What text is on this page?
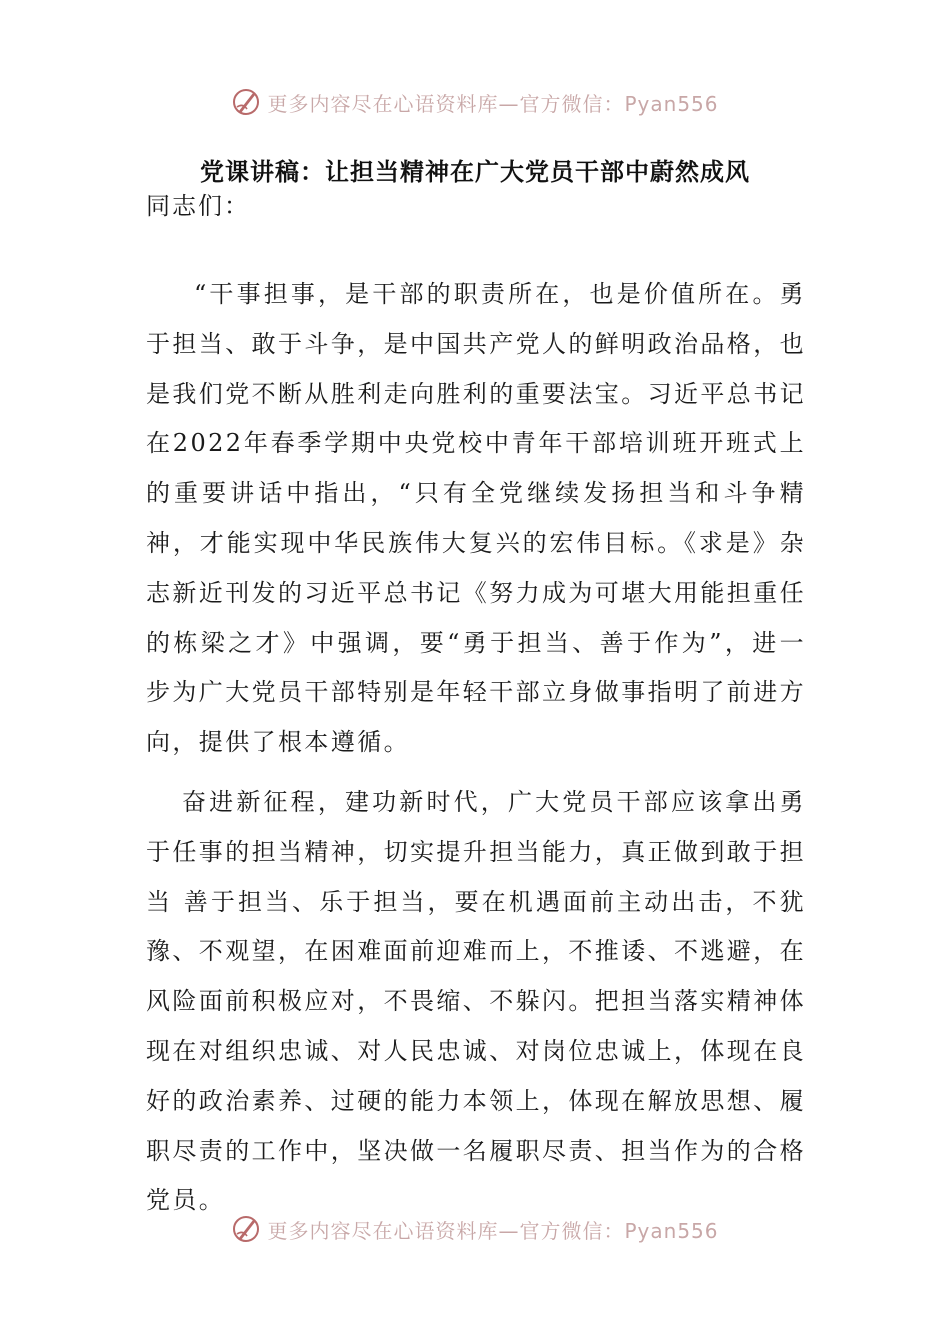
更多内容尽在心语资料库—官方微信：Pyan556
党课讲稿：让担当精神在广大党员干部中蔚然成风
同志们：

“干事担事，是干部的职责所在，也是价值所在。勇于担当、敢于斗争，是中国共产党人的鲜明政治品格，也是我们党不断从胜利走向胜利的重要法宝。习近平总书记在2022年春季学期中央党校中青年干部培训班开班式上的重要讲话中指出，“只有全党继续发扬担当和斗争精神，才能实现中华民族伟大复兴的宏伟目标。《求是》杂志新近刊发的习近平总书记《努力成为可堪大用能担重任的栋梁之才》中强调，要“勇于担当、善于作为”，进一步为广大党员干部特别是年轻干部立身做事指明了前进方向，提供了根本遵循。

奋进新征程，建功新时代，广大党员干部应该拿出勇于任事的担当精神，切实提升担当能力，真正做到敢于担当 善于担当、乐于担当，要在机遇面前主动出击，不犹豫、不观望，在困难面前迎难而上，不推诿、不逃避，在风险面前积极应对，不畏缩、不躲闪。把担当落实精神体现在对组织忠诚、对人民忠诚、对岗位忠诚上，体现在良好的政治素养、过硬的能力本领上，体现在解放思想、履职尽责的工作中，坚决做一名履职尽责、担当作为的合格党员。

更多内容尽在心语资料库—官方微信：Pyan556
